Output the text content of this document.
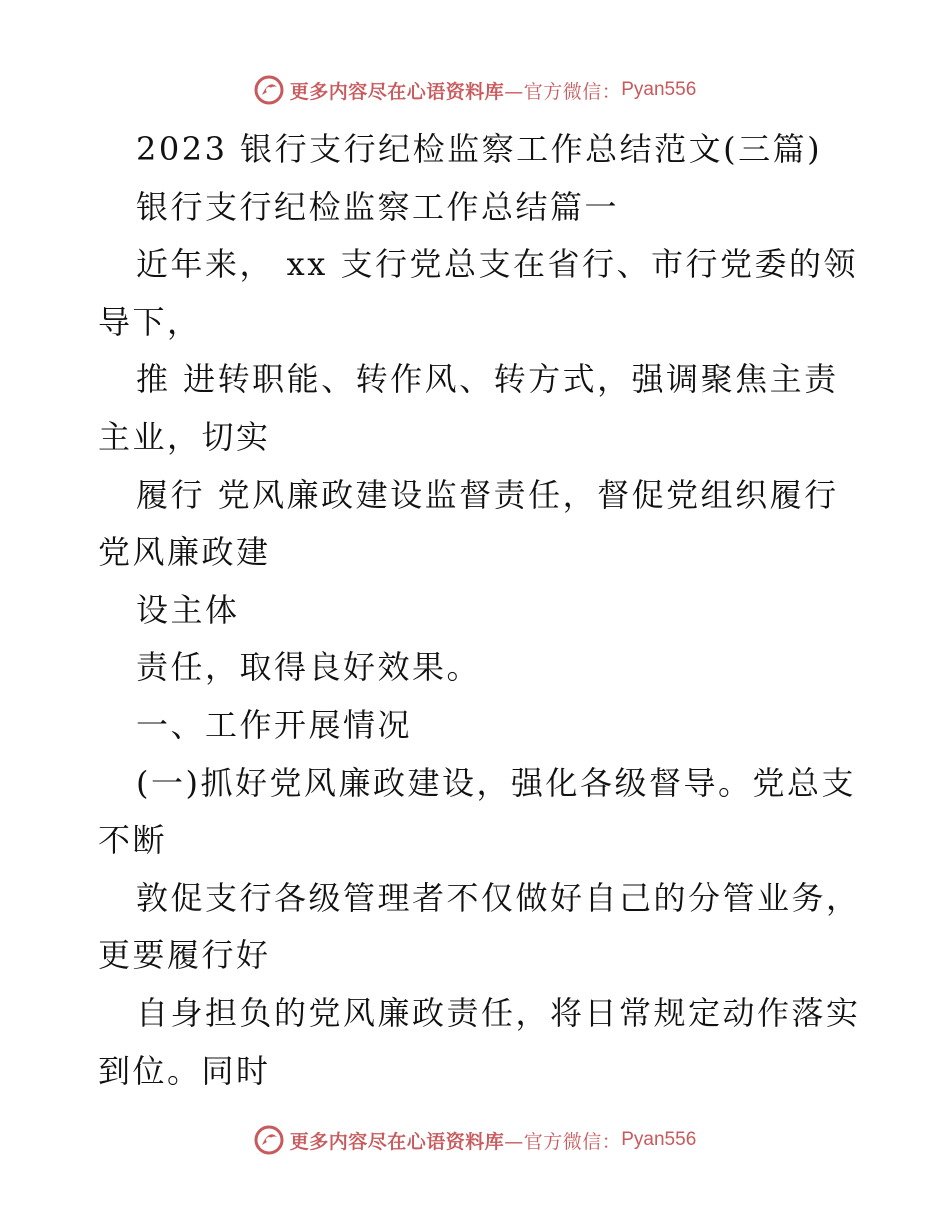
更多内容尽在心语资料库 —官方微信： Pyan556
2023 银行支行纪检监察工作总结范文(三篇)
银行支行纪检监察工作总结篇一
近年来， xx 支行党总支在省行、市行党委的领
导下，
推 进转职能、转作风、转方式，强调聚焦主责
主业，切实
履行 党风廉政建设监督责任，督促党组织履行
党风廉政建
设主体
责任，取得良好效果。
一、工作开展情况
(一)抓好党风廉政建设，强化各级督导。党总支
不断
敦促支行各级管理者不仅做好自己的分管业务，
更要履行好
自身担负的党风廉政责任，将日常规定动作落实
到位。同时
更多内容尽在心语资料库 —官方微信： Pyan556
